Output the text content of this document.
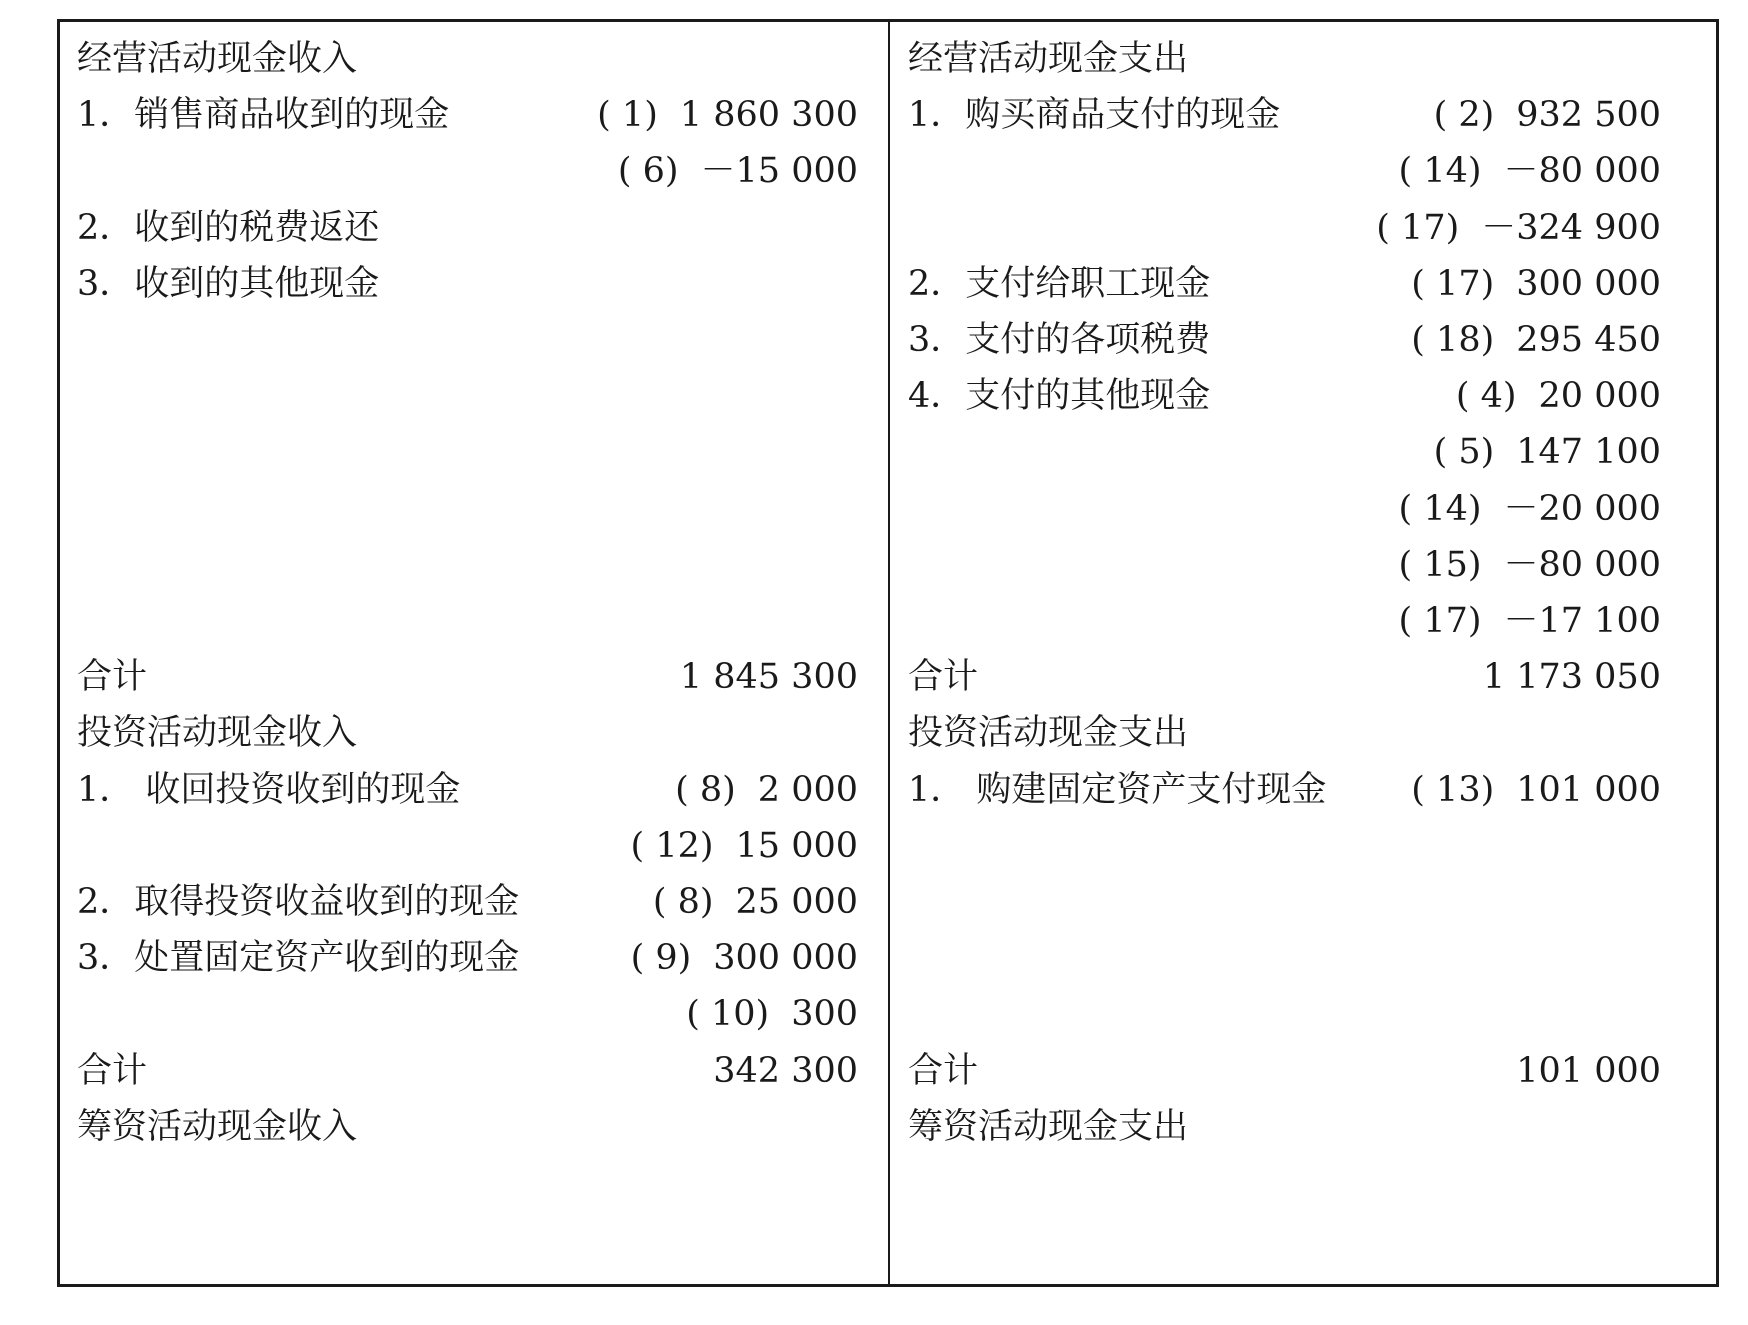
经营活动现金收入
1．销售商品收到的现金	( 1) 1 860 300
( 6) －15 000
2．收到的税费返还
3．收到的其他现金
合计	1 845 300
投资活动现金收入
1． 收回投资收到的现金	( 8) 2 000
( 12) 15 000
2．取得投资收益收到的现金	( 8) 25 000
3．处置固定资产收到的现金	( 9) 300 000
( 10) 300
合计	342 300
筹资活动现金收入
经营活动现金支出
1．购买商品支付的现金	( 2) 932 500
( 14) －80 000
( 17) －324 900
2．支付给职工现金	( 17) 300 000
3．支付的各项税费	( 18) 295 450
4．支付的其他现金	( 4) 20 000
( 5) 147 100
( 14) －20 000
( 15) －80 000
( 17) －17 100
合计	1 173 050
投资活动现金支出
1． 购建固定资产支付现金 ( 13) 101 000
合计	101 000
筹资活动现金支出
